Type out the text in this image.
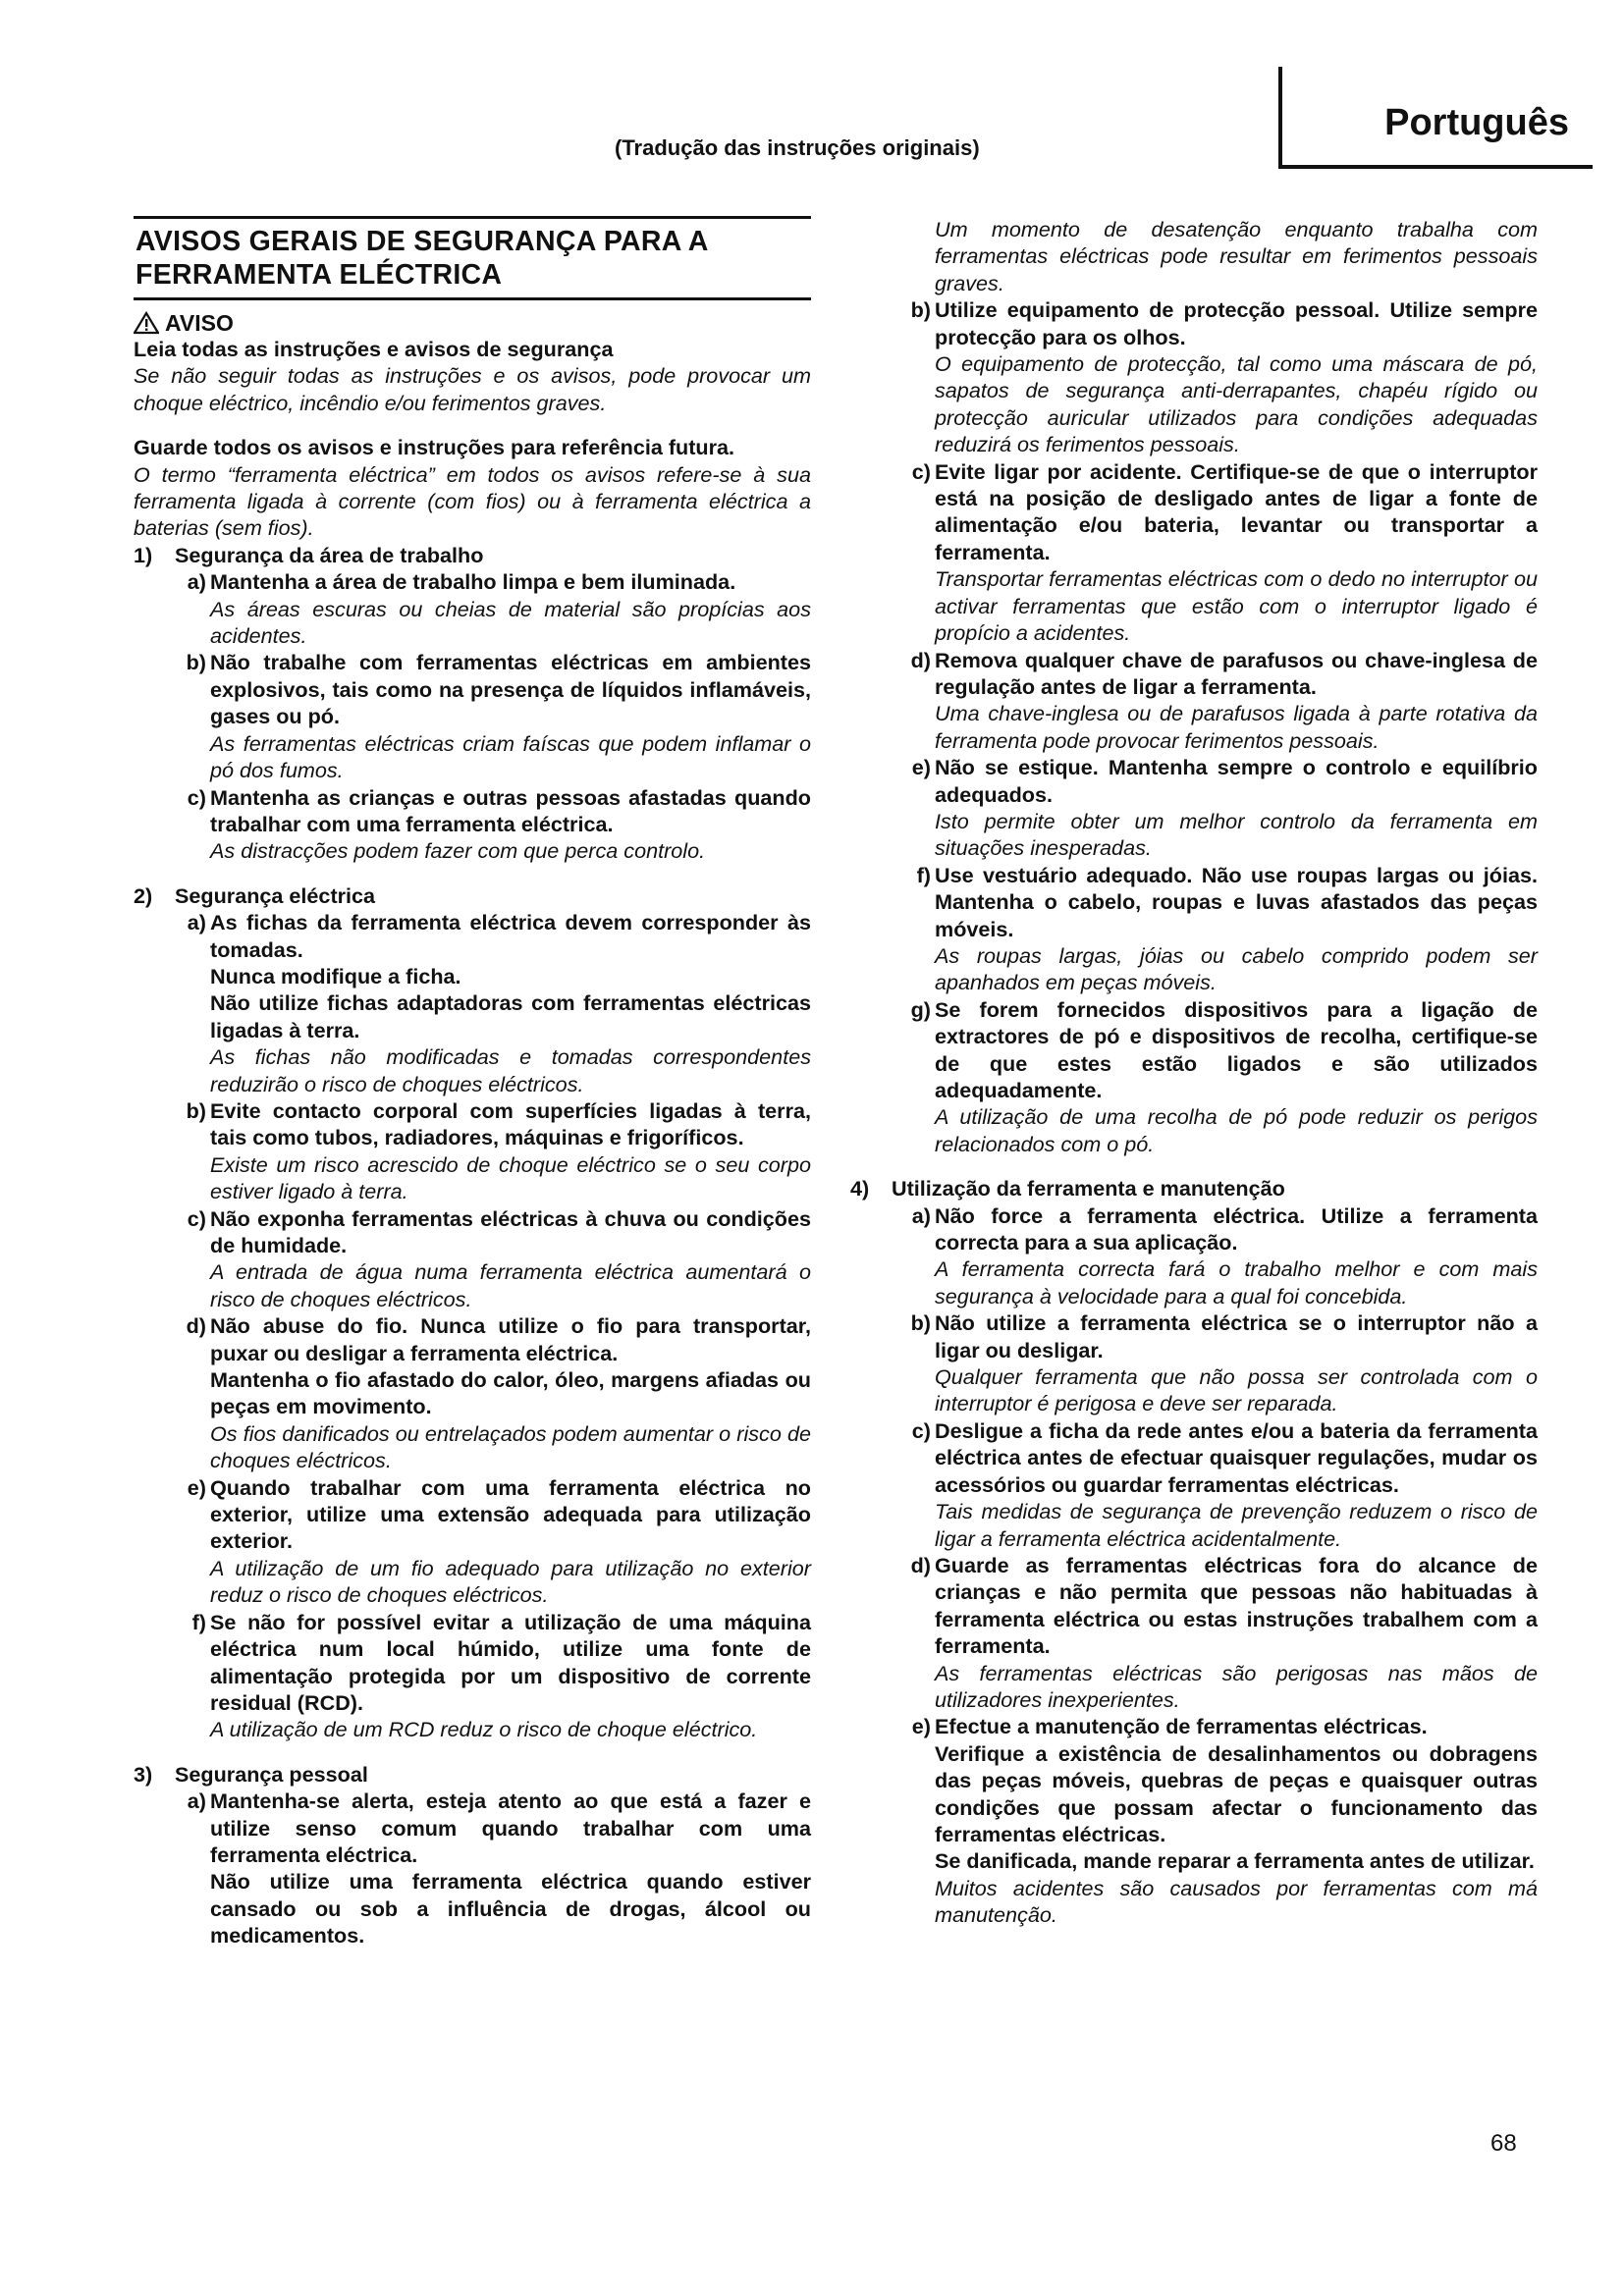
Português
(Tradução das instruções originais)
AVISOS GERAIS DE SEGURANÇA PARA A
FERRAMENTA ELÉCTRICA
AVISO

Leia todas as instruções e avisos de segurança

Se não seguir todas as instruções e os avisos, pode provocar um choque eléctrico, incêndio e/ou ferimentos graves.

Guarde todos os avisos e instruções para referência futura.

O termo “ferramenta eléctrica” em todos os avisos refere-se à sua ferramenta ligada à corrente (com fios) ou à ferramenta eléctrica a baterias (sem fios).

1)	Segurança da área de trabalho
a) Mantenha a área de trabalho limpa e bem iluminada.

As áreas escuras ou cheias de material são propícias aos acidentes.

b) Não trabalhe com ferramentas eléctricas em ambientes explosivos, tais como na presença de líquidos inflamáveis, gases ou pó.

As ferramentas eléctricas criam faíscas que podem inflamar o pó dos fumos.

c) Mantenha as crianças e outras pessoas afastadas quando trabalhar com uma ferramenta eléctrica.

As distracções podem fazer com que perca controlo.

2)	Segurança eléctrica
a) As fichas da ferramenta eléctrica devem corresponder às tomadas.

Nunca modifique a ficha.

Não utilize fichas adaptadoras com ferramentas eléctricas ligadas à terra.

As fichas não modificadas e tomadas correspondentes reduzirão o risco de choques eléctricos.

b) Evite contacto corporal com superfícies ligadas à terra, tais como tubos, radiadores, máquinas e frigoríficos.

Existe um risco acrescido de choque eléctrico se o seu corpo estiver ligado à terra.

c) Não exponha ferramentas eléctricas à chuva ou condições de humidade.

A entrada de água numa ferramenta eléctrica aumentará o risco de choques eléctricos.

d) Não abuse do fio. Nunca utilize o fio para transportar, puxar ou desligar a ferramenta eléctrica.

Mantenha o fio afastado do calor, óleo, margens afiadas ou peças em movimento.

Os fios danificados ou entrelaçados podem aumentar o risco de choques eléctricos.

e) Quando trabalhar com uma ferramenta eléctrica no exterior, utilize uma extensão adequada para utilização exterior.

A utilização de um fio adequado para utilização no exterior reduz o risco de choques eléctricos.

f) Se não for possível evitar a utilização de uma máquina eléctrica num local húmido, utilize uma fonte de alimentação protegida por um dispositivo de corrente residual (RCD).

A utilização de um RCD reduz o risco de choque eléctrico.

3)	Segurança pessoal
a) Mantenha-se alerta, esteja atento ao que está a fazer e utilize senso comum quando trabalhar com uma ferramenta eléctrica.

Não utilize uma ferramenta eléctrica quando estiver cansado ou sob a influência de drogas, álcool ou medicamentos.

Um momento de desatenção enquanto trabalha com ferramentas eléctricas pode resultar em ferimentos pessoais graves.

b) Utilize equipamento de protecção pessoal. Utilize sempre protecção para os olhos.

O equipamento de protecção, tal como uma máscara de pó, sapatos de segurança anti-derrapantes, chapéu rígido ou protecção auricular utilizados para condições adequadas reduzirá os ferimentos pessoais.

c) Evite ligar por acidente. Certifique-se de que o interruptor está na posição de desligado antes de ligar a fonte de alimentação e/ou bateria, levantar ou transportar a ferramenta.

Transportar ferramentas eléctricas com o dedo no interruptor ou activar ferramentas que estão com o interruptor ligado é propício a acidentes.

d) Remova qualquer chave de parafusos ou chave-inglesa de regulação antes de ligar a ferramenta.

Uma chave-inglesa ou de parafusos ligada à parte rotativa da ferramenta pode provocar ferimentos pessoais.

e) Não se estique. Mantenha sempre o controlo e equilíbrio adequados.

Isto permite obter um melhor controlo da ferramenta em situações inesperadas.

f) Use vestuário adequado. Não use roupas largas ou jóias. Mantenha o cabelo, roupas e luvas afastados das peças móveis.

As roupas largas, jóias ou cabelo comprido podem ser apanhados em peças móveis.

g) Se forem fornecidos dispositivos para a ligação de extractores de pó e dispositivos de recolha, certifique-se de que estes estão ligados e são utilizados adequadamente.

A utilização de uma recolha de pó pode reduzir os perigos relacionados com o pó.

4)	Utilização da ferramenta e manutenção
a) Não force a ferramenta eléctrica. Utilize a ferramenta correcta para a sua aplicação.

A ferramenta correcta fará o trabalho melhor e com mais segurança à velocidade para a qual foi concebida.

b) Não utilize a ferramenta eléctrica se o interruptor não a ligar ou desligar.

Qualquer ferramenta que não possa ser controlada com o interruptor é perigosa e deve ser reparada.

c) Desligue a ficha da rede antes e/ou a bateria da ferramenta eléctrica antes de efectuar quaisquer regulações, mudar os acessórios ou guardar ferramentas eléctricas.

Tais medidas de segurança de prevenção reduzem o risco de ligar a ferramenta eléctrica acidentalmente.

d) Guarde as ferramentas eléctricas fora do alcance de crianças e não permita que pessoas não habituadas à ferramenta eléctrica ou estas instruções trabalhem com a ferramenta.

As ferramentas eléctricas são perigosas nas mãos de utilizadores inexperientes.

e) Efectue a manutenção de ferramentas eléctricas.

Verifique a existência de desalinhamentos ou dobragens das peças móveis, quebras de peças e quaisquer outras condições que possam afectar o funcionamento das ferramentas eléctricas.

Se danificada, mande reparar a ferramenta antes de utilizar.

Muitos acidentes são causados por ferramentas com má manutenção.

68
